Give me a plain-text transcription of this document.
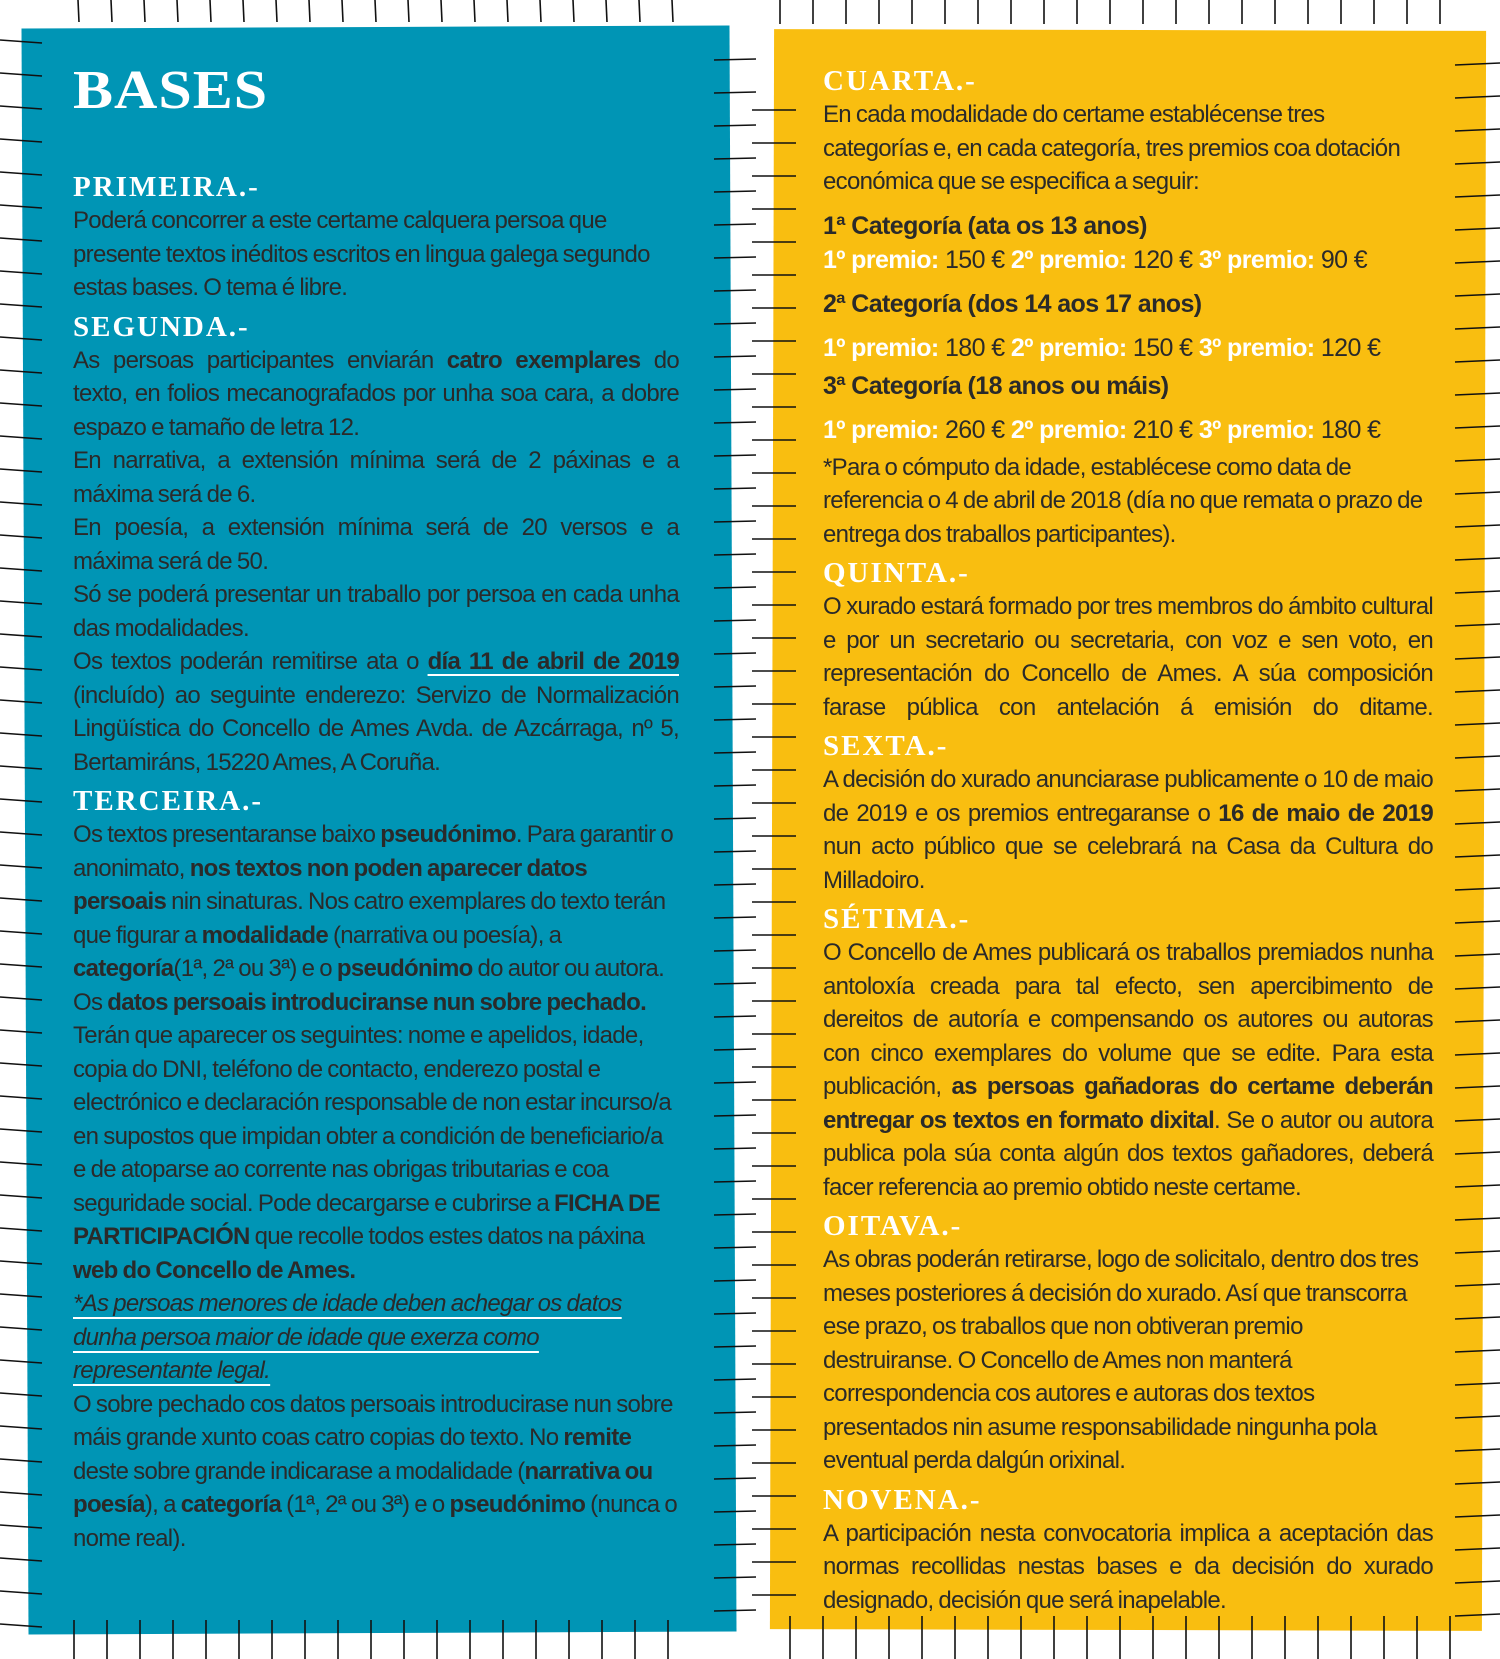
BASES
PRIMEIRA.-

Poderá concorrer a este certame calquera persoa que presente textos inéditos escritos en lingua galega segundo estas bases. O tema é libre.

SEGUNDA.-

As persoas participantes enviarán catro exemplares do texto, en folios mecanografados por unha soa cara, a dobre espazo e tamaño de letra 12.

En narrativa, a extensión mínima será de 2 páxinas e a máxima será de 6.

En poesía, a extensión mínima será de 20 versos e a máxima será de 50.

Só se poderá presentar un traballo por persoa en cada unha das modalidades.

Os textos poderán remitirse ata o día 11 de abril de 2019 (incluído) ao seguinte enderezo: Servizo de Normalización Lingüística do Concello de Ames Avda. de Azcárraga, nº 5, Bertamiráns, 15220 Ames, A Coruña.

TERCEIRA.-

Os textos presentaranse baixo pseudónimo. Para garantir o anonimato, nos textos non poden aparecer datos persoais nin sinaturas. Nos catro exemplares do texto terán que figurar a modalidade (narrativa ou poesía), a categoría(1ª, 2ª ou 3ª) e o pseudónimo do autor ou autora.

Os datos persoais introduciranse nun sobre pechado.

Terán que aparecer os seguintes: nome e apelidos, idade, copia do DNI, teléfono de contacto, enderezo postal e electrónico e declaración responsable de non estar incurso/a en supostos que impidan obter a condición de beneficiario/a e de atoparse ao corrente nas obrigas tributarias e coa seguridade social. Pode decargarse e cubrirse a FICHA DE PARTICIPACIÓN que recolle todos estes datos na páxina web do Concello de Ames.

*As persoas menores de idade deben achegar os datos dunha persoa maior de idade que exerza como representante legal.

O sobre pechado cos datos persoais introducirase nun sobre máis grande xunto coas catro copias do texto. No remite deste sobre grande indicarase a modalidade (narrativa ou poesía), a categoría (1ª, 2ª ou 3ª) e o pseudónimo (nunca o nome real).

CUARTA.-

En cada modalidade do certame establécense tres categorías e, en cada categoría, tres premios coa dotación económica que se especifica a seguir:

1ª Categoría (ata os 13 anos)

1º premio: 150 € 2º premio: 120 € 3º premio: 90 €

2ª Categoría (dos 14 aos 17 anos)

1º premio: 180 € 2º premio: 150 € 3º premio: 120 €

3ª Categoría (18 anos ou máis)

1º premio: 260 € 2º premio: 210 € 3º premio: 180 €

*Para o cómputo da idade, establécese como data de referencia o 4 de abril de 2018 (día no que remata o prazo de entrega dos traballos participantes).

QUINTA.-

O xurado estará formado por tres membros do ámbito cultural e por un secretario ou secretaria, con voz e sen voto, en representación do Concello de Ames. A súa composición farase pública con antelación á emisión do ditame.

SEXTA.-

A decisión do xurado anunciarase publicamente o 10 de maio de 2019 e os premios entregaranse o 16 de maio de 2019 nun acto público que se celebrará na Casa da Cultura do Milladoiro.

SÉTIMA.-

O Concello de Ames publicará os traballos premiados nunha antoloxía creada para tal efecto, sen apercibimento de dereitos de autoría e compensando os autores ou autoras con cinco exemplares do volume que se edite. Para esta publicación, as persoas gañadoras do certame deberán entregar os textos en formato dixital. Se o autor ou autora publica pola súa conta algún dos textos gañadores, deberá facer referencia ao premio obtido neste certame.

OITAVA.-

As obras poderán retirarse, logo de solicitalo, dentro dos tres meses posteriores á decisión do xurado. Así que transcorra ese prazo, os traballos que non obtiveran premio destruiranse. O Concello de Ames non manterá correspondencia cos autores e autoras dos textos presentados nin asume responsabilidade ningunha pola eventual perda dalgún orixinal.

NOVENA.-

A participación nesta convocatoria implica a aceptación das normas recollidas nestas bases e da decisión do xurado designado, decisión que será inapelable.
